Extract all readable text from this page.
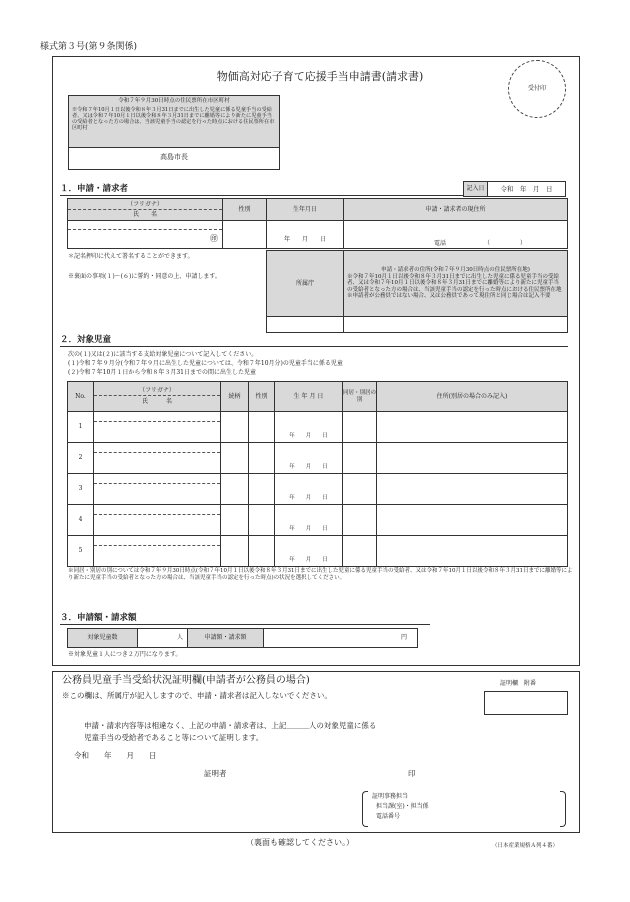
様式第３号(第９条関係)
物価高対応子育て応援手当申請書(請求書)
受付印
令和７年９月30日時点の住民票所在市区町村
※令和７年10月１日以後令和８年３月31日までに出生した児童に係る児童手当の受給者、又は令和７年10月１日以後令和８年３月31日までに離婚等により新たに児童手当の受給者となった方の場合は、当該児童手当の認定を行った時点における住民票所在市区町村
高島市長
１．申請・請求者	記入日	令和　年　月　日
（フリガナ）
氏　　名	性別	生年月日	申請・請求者の現住所

㊞		年　　月　　日	電話 （　　　　　）
＊記名押印に代えて署名することができます。
※裏面の事項(１)～(６)に誓約・同意の上、申請します。
所属庁	申請・請求者の住所(令和７年９月30日時点の住民票所在地)
※令和７年10月１日以後令和８年３月31日までに出生した児童に係る児童手当の受給者、又は令和７年10月１日以後令和８年３月31日までに離婚等により新たに児童手当の受給者となった方の場合は、当該児童手当の認定を行った時点における住民票所在地
※申請者が公務員ではない場合、又は公務員であって現住所と同じ場合は記入不要

２．対象児童
次の(１)又は(２)に該当する支給対象児童について記入してください。
(１)令和７年９月分(令和７年９月に出生した児童については、令和７年10月分)の児童手当に係る児童
(２)令和７年10月１日から令和８年３月31日までの間に出生した児童
No.	（フリガナ）
氏　　　名	続柄	性別	生 年 月 日	同居・別居の別	住所(別居の場合のみ記入)
1				年　　月　　日		
2				年　　月　　日		
3				年　　月　　日		
4				年　　月　　日		
5				年　　月　　日		
※同居・別居の別については令和７年９月30日時点(令和７年10月１日以後令和８年３月31日までに出生した児童に係る児童手当の受給者、又は令和７年10月１日以後令和８年３月31日までに離婚等により新たに児童手当の受給者となった方の場合は、当該児童手当の認定を行った時点)の状況を選択してください。
３．申請額・請求額
対象児童数	人	申請額・請求額	円
※対象児童１人につき２万円になります。
公務員児童手当受給状況証明欄(申請者が公務員の場合)	証明欄　附番
※この欄は、所属庁が記入しますので、申請・請求者は記入しないでください。
申請・請求内容等は相違なく、上記の申請・請求者は、上記＿＿＿人の対象児童に係る
児童手当の受給者であること等について証明します。
令和　　年　　月　　日
証明者	印
証明事務担当
担当課(室)・担当係
電話番号
（裏面も確認してください。）	（日本産業規格Ａ列４番）
